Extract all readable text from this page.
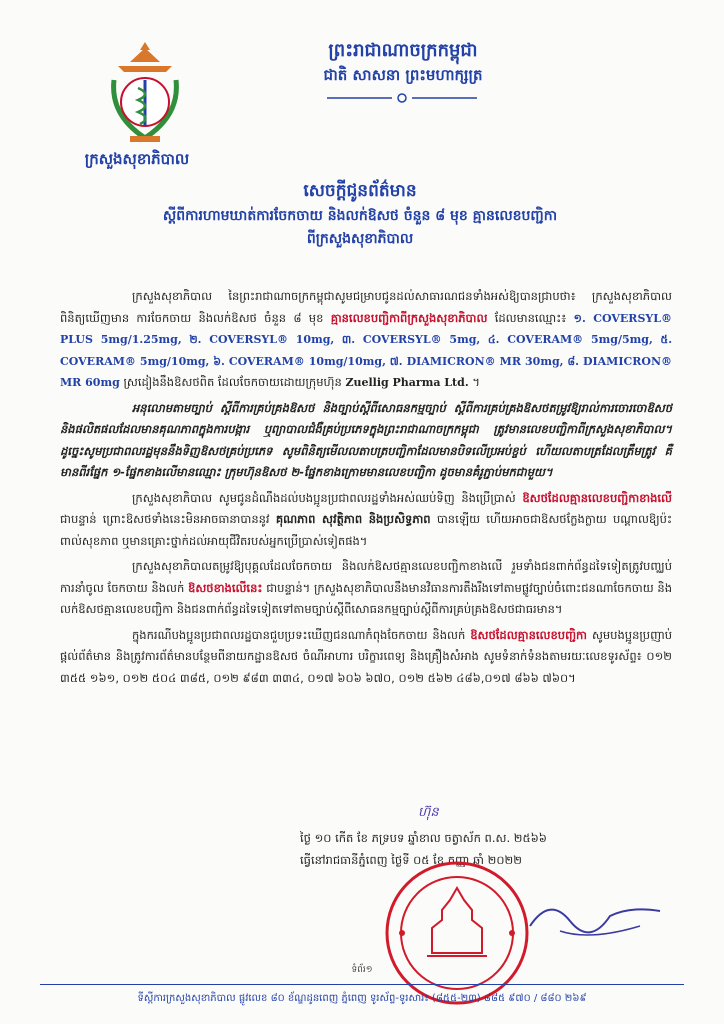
ក្រសួងសុខាភិបាល
ព្រះរាជាណាចក្រកម្ពុជា
ជាតិ សាសនា ព្រះមហាក្សត្រ
សេចក្តីជូនព័ត៌មាន
ស្តីពីការហាមឃាត់ការចែកចាយ និងលក់ឱសថ ចំនួន ៨ មុខ គ្មានលេខបញ្ជិកា
ពីក្រសួងសុខាភិបាល

ក្រសួងសុខាភិបាល នៃព្រះរាជាណាចក្រកម្ពុជាសូមជម្រាបជូនដល់សាធារណជនទាំងអស់ឱ្យបានជ្រាបថា៖ ក្រសួងសុខាភិបាលពិនិត្យឃើញមាន ការចែកចាយ និងលក់ឱសថ ចំនួន ៨ មុខ គ្មានលេខបញ្ជិកាពីក្រសួងសុខាភិបាល ដែលមានឈ្មោះ៖ ១. COVERSYL® PLUS 5mg/1.25mg, ២. COVERSYL® 10mg, ៣. COVERSYL® 5mg, ៤. COVERAM® 5mg/5mg, ៥. COVERAM® 5mg/10mg, ៦. COVERAM® 10mg/10mg, ៧. DIAMICRON® MR 30mg, ៨. DIAMICRON® MR 60mg ស្រដៀងនឹងឱសថពិត ដែលចែកចាយដោយក្រុមហ៊ុន Zuellig Pharma Ltd. ។

អនុលោមតាមច្បាប់ ស្តីពីការគ្រប់គ្រងឱសថ និងច្បាប់ស្តីពីសោធនកម្មច្បាប់ ស្តីពីការគ្រប់គ្រងឱសថតម្រូវឱ្យរាល់ការចោរចោឱសថ និងផលិតផលដែលមានគុណភាពក្នុងការបង្ការ ឬព្យាបាលជំងឺគ្រប់ប្រភេទក្នុងព្រះរាជាណាចក្រកម្ពុជា ត្រូវមានលេខបញ្ជិកាពីក្រសួងសុខាភិបាល។ ដូច្នេះសូមប្រជាពលរដ្ឋមុននឹងទិញឱសថគ្រប់ប្រភេទ សូមពិនិត្យមើលលតាបត្របញ្ជិកាដែលមានបិទលើប្រអប់ខ្ចប់ ហើយលតាបត្រដែលត្រឹមត្រូវ គឺមានពីរផ្នែក ១-ផ្នែកខាងលើមានឈ្មោះ ក្រុមហ៊ុនឱសថ ២-ផ្នែកខាងក្រោមមានលេខបញ្ជិកា ដូចមានគំរូភ្ជាប់មកជាមួយ។

ក្រសួងសុខាភិបាល សូមជូនដំណឹងដល់បងប្អូនប្រជាពលរដ្ឋទាំងអស់ឈប់ទិញ និងប្រើប្រាស់ ឱសថដែលគ្មានលេខបញ្ជិកាខាងលើ ជាបន្ទាន់ ព្រោះឱសថទាំងនេះមិនអាចធានាបាននូវ គុណភាព សុវត្ថិភាព និងប្រសិទ្ធភាព បានឡើយ ហើយអាចជាឱសថក្លែងក្លាយ បណ្តាលឱ្យប៉ះពាល់សុខភាព ឬមានគ្រោះថ្នាក់ដល់អាយុជីវិតរបស់អ្នកប្រើប្រាស់ទៀតផង។

ក្រសួងសុខាភិបាលតម្រូវឱ្យបុគ្គលដែលចែកចាយ និងលក់ឱសថគ្មានលេខបញ្ជិកាខាងលើ រួមទាំងជនពាក់ព័ន្ធដទៃទៀតត្រូវបញ្ឈប់ការនាំចូល ចែកចាយ និងលក់ ឱសថខាងលើនេះ ជាបន្ទាន់។ ក្រសួងសុខាភិបាលនឹងមានវិធានការតឹងរឹងទៅតាមផ្លូវច្បាប់ចំពោះជនណាចែកចាយ និងលក់ឱសថគ្មានលេខបញ្ជិកា និងជនពាក់ព័ន្ធដទៃទៀតទៅតាមច្បាប់ស្តីពីសោធនកម្មច្បាប់ស្តីពីការគ្រប់គ្រងឱសថជាធរមាន។

ក្នុងករណីបងប្អូនប្រជាពលរដ្ឋបានជួបប្រទះឃើញជនណាកំពុងចែកចាយ និងលក់ ឱសថដែលគ្មានលេខបញ្ជិកា សូមបងប្អូនប្រញាប់ផ្តល់ព័ត៌មាន និងត្រូវការព័ត៌មានបន្ថែមពីនាយកដ្ឋានឱសថ ចំណីអាហារ បរិក្ខារពេទ្យ និងគ្រឿងសំអាង សូមទំនាក់ទំនងតាមរយៈលេខទូរស័ព្ទ៖ ០១២ ៣៥៥ ១៦១, ០១២ ៥០៤ ៣៨៥, ០១២ ៩៨៣ ៣៣៤, ០១៧ ៦០៦ ៦៧០, ០១២ ៥៦២ ៤៨៦,០១៧ ៨៦៦ ៧៦០។

ហ៊ុន
ថ្ងៃ ១០ កើត ខែ ភទ្របទ ឆ្នាំខាល ចត្វាស័ក ព.ស. ២៥៦៦
ធ្វើនៅរាជធានីភ្នំពេញ ថ្ងៃទី ០៥ ខែ កញ្ញា ឆ្នាំ ២០២២
ទំព័រ១
ទីស្តីការក្រសួងសុខាភិបាល ផ្លូវលេខ ៨០ ខ័ណ្ឌដូនពេញ ភ្នំពេញ ទូរស័ព្ទ-ទូរសារ៖ (៨៥៥-២៣) ៨៨៥ ៩៧០ / ៨៨០ ២៦៩
